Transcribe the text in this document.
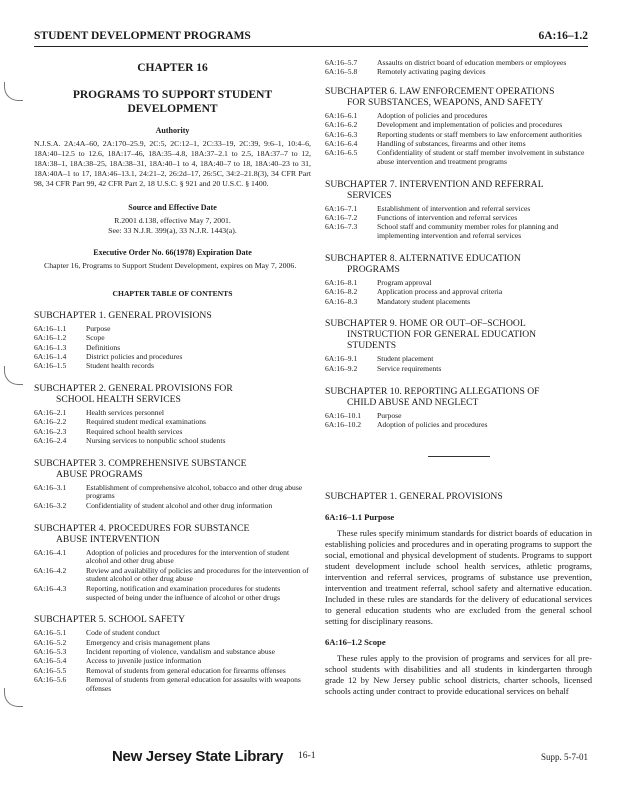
STUDENT DEVELOPMENT PROGRAMS	6A:16–1.2
CHAPTER 16
PROGRAMS TO SUPPORT STUDENT
DEVELOPMENT
Authority
N.J.S.A. 2A:4A–60, 2A:170–25.9, 2C:5, 2C:12–1, 2C:33–19, 2C:39, 9:6–1, 10:4–6, 18A:40–12.5 to 12.6, 18A:17–46, 18A:35–4.8, 18A:37–2.1 to 2.5, 18A:37–7 to 12, 18A:38–1, 18A:38–25, 18A:38–31, 18A:40–1 to 4, 18A:40–7 to 18, 18A:40–23 to 31, 18A:40A–1 to 17, 18A:46–13.1, 24:21–2, 26:2d–17, 26:5C, 34:2–21.8(3), 34 CFR Part 98, 34 CFR Part 99, 42 CFR Part 2, 18 U.S.C. § 921 and 20 U.S.C. § 1400.
Source and Effective Date
R.2001 d.138, effective May 7, 2001.
See: 33 N.J.R. 399(a), 33 N.J.R. 1443(a).
Executive Order No. 66(1978) Expiration Date
Chapter 16, Programs to Support Student Development, expires on May 7, 2006.
CHAPTER TABLE OF CONTENTS
SUBCHAPTER 1. GENERAL PROVISIONS
6A:16–1.1	Purpose
6A:16–1.2	Scope
6A:16–1.3	Definitions
6A:16–1.4	District policies and procedures
6A:16–1.5	Student health records
SUBCHAPTER 2. GENERAL PROVISIONS FOR
SCHOOL HEALTH SERVICES
6A:16–2.1	Health services personnel
6A:16–2.2	Required student medical examinations
6A:16–2.3	Required school health services
6A:16–2.4	Nursing services to nonpublic school students
SUBCHAPTER 3. COMPREHENSIVE SUBSTANCE
ABUSE PROGRAMS
6A:16–3.1	Establishment of comprehensive alcohol, tobacco and other drug abuse programs
6A:16–3.2	Confidentiality of student alcohol and other drug information
SUBCHAPTER 4. PROCEDURES FOR SUBSTANCE
ABUSE INTERVENTION
6A:16–4.1	Adoption of policies and procedures for the intervention of student alcohol and other drug abuse
6A:16–4.2	Review and availability of policies and procedures for the intervention of student alcohol or other drug abuse
6A:16–4.3	Reporting, notification and examination procedures for students suspected of being under the influence of alcohol or other drugs
SUBCHAPTER 5. SCHOOL SAFETY
6A:16–5.1	Code of student conduct
6A:16–5.2	Emergency and crisis management plans
6A:16–5.3	Incident reporting of violence, vandalism and substance abuse
6A:16–5.4	Access to juvenile justice information
6A:16–5.5	Removal of students from general education for firearms offenses
6A:16–5.6	Removal of students from general education for assaults with weapons offenses
6A:16–5.7	Assaults on district board of education members or employees
6A:16–5.8	Remotely activating paging devices
SUBCHAPTER 6. LAW ENFORCEMENT OPERATIONS
FOR SUBSTANCES, WEAPONS, AND SAFETY
6A:16–6.1	Adoption of policies and procedures
6A:16–6.2	Development and implementation of policies and procedures
6A:16–6.3	Reporting students or staff members to law enforcement authorities
6A:16–6.4	Handling of substances, firearms and other items
6A:16–6.5	Confidentiality of student or staff member involvement in substance abuse intervention and treatment programs
SUBCHAPTER 7. INTERVENTION AND REFERRAL
SERVICES
6A:16–7.1	Establishment of intervention and referral services
6A:16–7.2	Functions of intervention and referral services
6A:16–7.3	School staff and community member roles for planning and implementing intervention and referral services
SUBCHAPTER 8. ALTERNATIVE EDUCATION
PROGRAMS
6A:16–8.1	Program approval
6A:16–8.2	Application process and approval criteria
6A:16–8.3	Mandatory student placements
SUBCHAPTER 9. HOME OR OUT–OF–SCHOOL
INSTRUCTION FOR GENERAL EDUCATION
STUDENTS
6A:16–9.1	Student placement
6A:16–9.2	Service requirements
SUBCHAPTER 10. REPORTING ALLEGATIONS OF
CHILD ABUSE AND NEGLECT
6A:16–10.1	Purpose
6A:16–10.2	Adoption of policies and procedures
SUBCHAPTER 1. GENERAL PROVISIONS
6A:16–1.1 Purpose
These rules specify minimum standards for district boards of education in establishing policies and procedures and in operating programs to support the social, emotional and physical development of students. Programs to support student development include school health services, athletic programs, intervention and referral services, programs of substance use prevention, intervention and treatment referral, school safety and alternative education. Included in these rules are standards for the delivery of educational services to general education students who are excluded from the general school setting for disciplinary reasons.
6A:16–1.2 Scope
These rules apply to the provision of programs and services for all pre-school students with disabilities and all students in kindergarten through grade 12 by New Jersey public school districts, charter schools, licensed schools acting under contract to provide educational services on behalf
New Jersey State Library 16-1	Supp. 5-7-01
